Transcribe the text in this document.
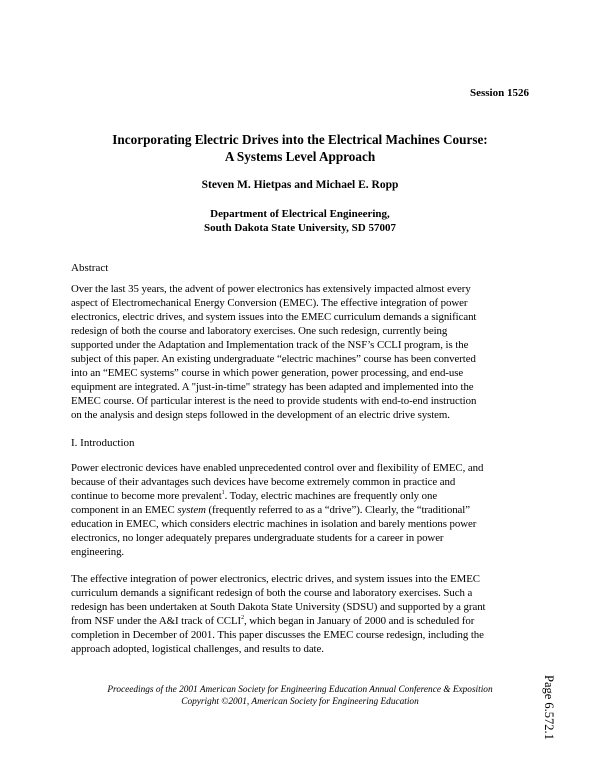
Session 1526
Incorporating Electric Drives into the Electrical Machines Course:
A Systems Level Approach
Steven M. Hietpas and Michael E. Ropp
Department of Electrical Engineering,
South Dakota State University, SD 57007
Abstract
Over the last 35 years, the advent of power electronics has extensively impacted almost every
aspect of Electromechanical Energy Conversion (EMEC). The effective integration of power
electronics, electric drives, and system issues into the EMEC curriculum demands a significant
redesign of both the course and laboratory exercises. One such redesign, currently being
supported under the Adaptation and Implementation track of the NSF’s CCLI program, is the
subject of this paper. An existing undergraduate “electric machines” course has been converted
into an “EMEC systems” course in which power generation, power processing, and end-use
equipment are integrated. A "just-in-time" strategy has been adapted and implemented into the
EMEC course. Of particular interest is the need to provide students with end-to-end instruction
on the analysis and design steps followed in the development of an electric drive system.
I. Introduction
Power electronic devices have enabled unprecedented control over and flexibility of EMEC, and
because of their advantages such devices have become extremely common in practice and
continue to become more prevalent$^1$. Today, electric machines are frequently only one
component in an EMEC system (frequently referred to as a “drive”). Clearly, the “traditional”
education in EMEC, which considers electric machines in isolation and barely mentions power
electronics, no longer adequately prepares undergraduate students for a career in power
engineering.
The effective integration of power electronics, electric drives, and system issues into the EMEC
curriculum demands a significant redesign of both the course and laboratory exercises. Such a
redesign has been undertaken at South Dakota State University (SDSU) and supported by a grant
from NSF under the A&I track of CCLI$^2$, which began in January of 2000 and is scheduled for
completion in December of 2001. This paper discusses the EMEC course redesign, including the
approach adopted, logistical challenges, and results to date.
Proceedings of the 2001 American Society for Engineering Education Annual Conference & Exposition
Copyright ©2001, American Society for Engineering Education	Page 6.572.1
